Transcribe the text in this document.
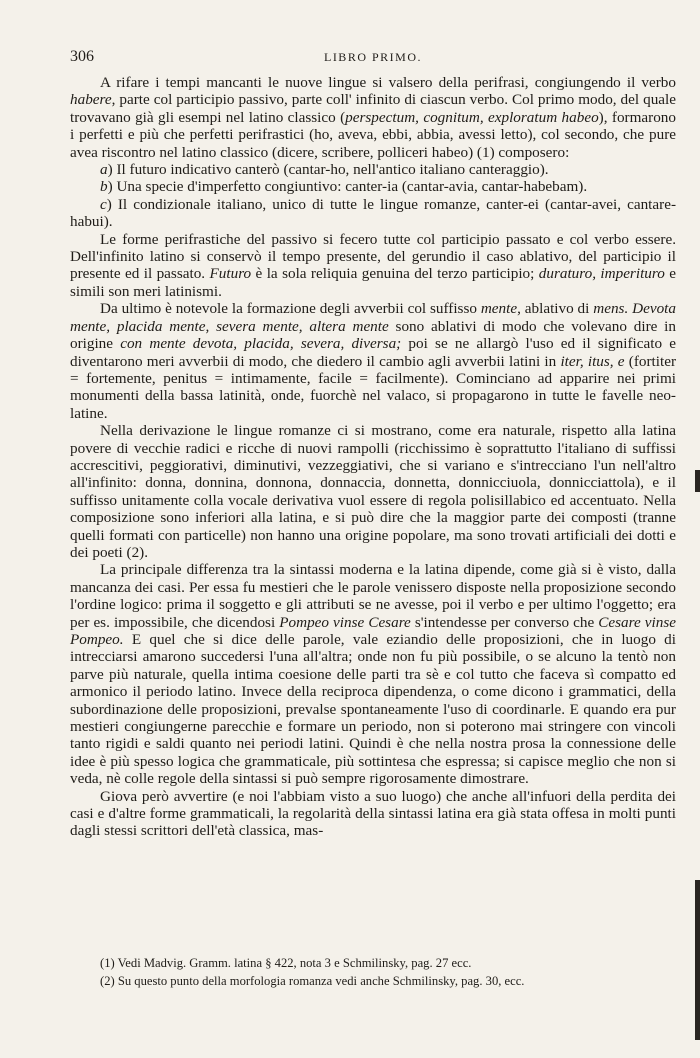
306	LIBRO PRIMO.

A rifare i tempi mancanti le nuove lingue si valsero della perifrasi, congiungendo il verbo habere, parte col participio passivo, parte coll' infinito di ciascun verbo. Col primo modo, del quale trovavano già gli esempi nel latino classico (perspectum, cognitum, exploratum habeo), formarono i perfetti e più che perfetti perifrastici (ho, aveva, ebbi, abbia, avessi letto), col secondo, che pure avea riscontro nel latino classico (dicere, scribere, polliceri habeo) (1) composero:

a) Il futuro indicativo canterò (cantar-ho, nell'antico italiano canteraggio).

b) Una specie d'imperfetto congiuntivo: canter-ia (cantar-avia, cantar-habebam).

c) Il condizionale italiano, unico di tutte le lingue romanze, canter-ei (cantar-avei, cantare-habui).

Le forme perifrastiche del passivo si fecero tutte col participio passato e col verbo essere. Dell'infinito latino si conservò il tempo presente, del gerundio il caso ablativo, del participio il presente ed il passato. Futuro è la sola reliquia genuina del terzo participio; duraturo, imperituro e simili son meri latinismi.

Da ultimo è notevole la formazione degli avverbii col suffisso mente, ablativo di mens. Devota mente, placida mente, severa mente, altera mente sono ablativi di modo che volevano dire in origine con mente devota, placida, severa, diversa; poi se ne allargò l'uso ed il significato e diventarono meri avverbii di modo, che diedero il cambio agli avverbii latini in iter, itus, e (fortiter = fortemente, penitus = intimamente, facile = facilmente). Cominciano ad apparire nei primi monumenti della bassa latinità, onde, fuorchè nel valaco, si propagarono in tutte le favelle neo-latine.

Nella derivazione le lingue romanze ci si mostrano, come era naturale, rispetto alla latina povere di vecchie radici e ricche di nuovi rampolli (ricchissimo è soprattutto l'italiano di suffissi accrescitivi, peggiorativi, diminutivi, vezzeggiativi, che si variano e s'intrecciano l'un nell'altro all'infinito: donna, donnina, donnona, donnaccia, donnetta, donnicciuola, donnicciattola), e il suffisso unitamente colla vocale derivativa vuol essere di regola polisillabico ed accentuato. Nella composizione sono inferiori alla latina, e si può dire che la maggior parte dei composti (tranne quelli formati con particelle) non hanno una origine popolare, ma sono trovati artificiali dei dotti e dei poeti (2).

La principale differenza tra la sintassi moderna e la latina dipende, come già si è visto, dalla mancanza dei casi. Per essa fu mestieri che le parole venissero disposte nella proposizione secondo l'ordine logico: prima il soggetto e gli attributi se ne avesse, poi il verbo e per ultimo l'oggetto; era per es. impossibile, che dicendosi Pompeo vinse Cesare s'intendesse per converso che Cesare vinse Pompeo. E quel che si dice delle parole, vale eziandio delle proposizioni, che in luogo di intrecciarsi amarono succedersi l'una all'altra; onde non fu più possibile, o se alcuno la tentò non parve più naturale, quella intima coesione delle parti tra sè e col tutto che faceva sì compatto ed armonico il periodo latino. Invece della reciproca dipendenza, o come dicono i grammatici, della subordinazione delle proposizioni, prevalse spontaneamente l'uso di coordinarle. E quando era pur mestieri congiungerne parecchie e formare un periodo, non si poterono mai stringere con vincoli tanto rigidi e saldi quanto nei periodi latini. Quindi è che nella nostra prosa la connessione delle idee è più spesso logica che grammaticale, più sottintesa che espressa; si capisce meglio che non si veda, nè colle regole della sintassi si può sempre rigorosamente dimostrare.

Giova però avvertire (e noi l'abbiam visto a suo luogo) che anche all'infuori della perdita dei casi e d'altre forme grammaticali, la regolarità della sintassi latina era già stata offesa in molti punti dagli stessi scrittori dell'età classica, mas-

(1) Vedi Madvig. Gramm. latina § 422, nota 3 e Schmilinsky, pag. 27 ecc.

(2) Su questo punto della morfologia romanza vedi anche Schmilinsky, pag. 30, ecc.
